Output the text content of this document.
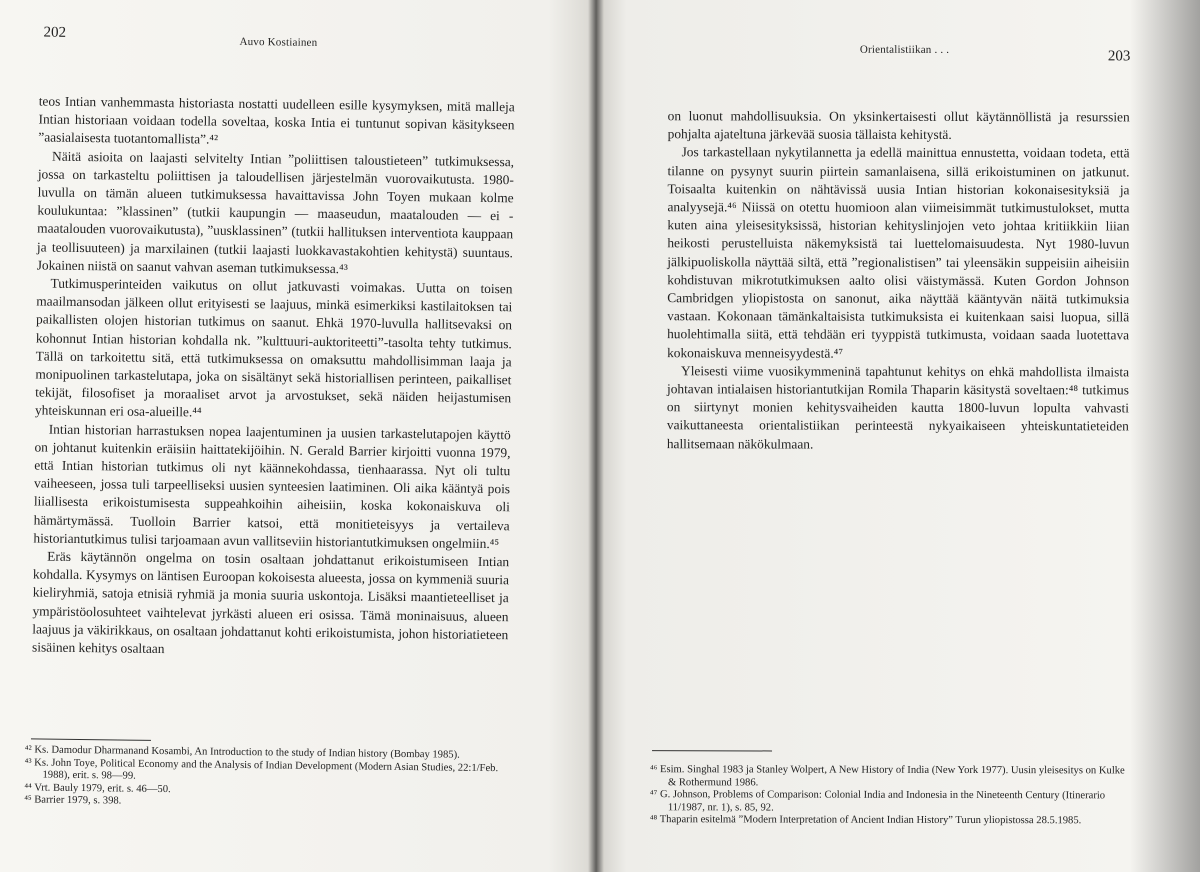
202
Auvo Kostiainen

teos Intian vanhemmasta historiasta nostatti uudelleen esille kysymyksen, mitä malleja Intian historiaan voidaan todella soveltaa, koska Intia ei tuntunut sopivan käsitykseen ”aasialaisesta tuotantomallista”.⁴²

Näitä asioita on laajasti selvitelty Intian ”poliittisen taloustieteen” tutkimuksessa, jossa on tarkasteltu poliittisen ja taloudellisen järjestelmän vuorovaikutusta. 1980-luvulla on tämän alueen tutkimuksessa havaittavissa John Toyen mukaan kolme koulukuntaa: ”klassinen” (tutkii kaupungin — maaseudun, maatalouden — ei -maatalouden vuorovaikutusta), ”uusklassinen” (tutkii hallituksen interventiota kauppaan ja teollisuuteen) ja marxilainen (tutkii laajasti luokkavastakohtien kehitystä) suuntaus. Jokainen niistä on saanut vahvan aseman tutkimuksessa.⁴³

Tutkimusperinteiden vaikutus on ollut jatkuvasti voimakas. Uutta on toisen maailmansodan jälkeen ollut erityisesti se laajuus, minkä esimerkiksi kastilaitoksen tai paikallisten olojen historian tutkimus on saanut. Ehkä 1970-luvulla hallitsevaksi on kohonnut Intian historian kohdalla nk. ”kulttuuri-auktoriteetti”-tasolta tehty tutkimus. Tällä on tarkoitettu sitä, että tutkimuksessa on omaksuttu mahdollisimman laaja ja monipuolinen tarkastelutapa, joka on sisältänyt sekä historiallisen perinteen, paikalliset tekijät, filosofiset ja moraaliset arvot ja arvostukset, sekä näiden heijastumisen yhteiskunnan eri osa-alueille.⁴⁴

Intian historian harrastuksen nopea laajentuminen ja uusien tarkastelutapojen käyttö on johtanut kuitenkin eräisiin haittatekijöihin. N. Gerald Barrier kirjoitti vuonna 1979, että Intian historian tutkimus oli nyt käännekohdassa, tienhaarassa. Nyt oli tultu vaiheeseen, jossa tuli tarpeelliseksi uusien synteesien laatiminen. Oli aika kääntyä pois liiallisesta erikoistumisesta suppeahkoihin aiheisiin, koska kokonaiskuva oli hämärtymässä. Tuolloin Barrier katsoi, että monitieteisyys ja vertaileva historiantutkimus tulisi tarjoamaan avun vallitseviin historiantutkimuksen ongelmiin.⁴⁵

Eräs käytännön ongelma on tosin osaltaan johdattanut erikoistumiseen Intian kohdalla. Kysymys on läntisen Euroopan kokoisesta alueesta, jossa on kymmeniä suuria kieliryhmiä, satoja etnisiä ryhmiä ja monia suuria uskontoja. Lisäksi maantieteelliset ja ympäristöolosuhteet vaihtelevat jyrkästi alueen eri osissa. Tämä moninaisuus, alueen laajuus ja väkirikkaus, on osaltaan johdattanut kohti erikoistumista, johon historiatieteen sisäinen kehitys osaltaan

⁴² Ks. Damodur Dharmanand Kosambi, An Introduction to the study of Indian history (Bombay 1985).

⁴³ Ks. John Toye, Political Economy and the Analysis of Indian Development (Modern Asian Studies, 22:1/Feb. 1988), erit. s. 98—99.

⁴⁴ Vrt. Bauly 1979, erit. s. 46—50.

⁴⁵ Barrier 1979, s. 398.

Orientalistiikan . . .	203

on luonut mahdollisuuksia. On yksinkertaisesti ollut käytännöllistä ja resurssien pohjalta ajateltuna järkevää suosia tällaista kehitystä.

Jos tarkastellaan nykytilannetta ja edellä mainittua ennustetta, voidaan todeta, että tilanne on pysynyt suurin piirtein samanlaisena, sillä erikoistuminen on jatkunut. Toisaalta kuitenkin on nähtävissä uusia Intian historian kokonaisesityksiä ja analyysejä.⁴⁶ Niissä on otettu huomioon alan viimeisimmät tutkimustulokset, mutta kuten aina yleisesityksissä, historian kehityslinjojen veto johtaa kritiikkiin liian heikosti perustelluista näkemyksistä tai luettelomaisuudesta. Nyt 1980-luvun jälkipuoliskolla näyttää siltä, että ”regionalistisen” tai yleensäkin suppeisiin aiheisiin kohdistuvan mikrotutkimuksen aalto olisi väistymässä. Kuten Gordon Johnson Cambridgen yliopistosta on sanonut, aika näyttää kääntyvän näitä tutkimuksia vastaan. Kokonaan tämänkaltaisista tutkimuksista ei kuitenkaan saisi luopua, sillä huolehtimalla siitä, että tehdään eri tyyppistä tutkimusta, voidaan saada luotettava kokonaiskuva menneisyydestä.⁴⁷

Yleisesti viime vuosikymmeninä tapahtunut kehitys on ehkä mahdollista ilmaista johtavan intialaisen historiantutkijan Romila Thaparin käsitystä soveltaen:⁴⁸ tutkimus on siirtynyt monien kehitysvaiheiden kautta 1800-luvun lopulta vahvasti vaikuttaneesta orientalistiikan perinteestä nykyaikaiseen yhteiskuntatieteiden hallitsemaan näkökulmaan.

⁴⁶ Esim. Singhal 1983 ja Stanley Wolpert, A New History of India (New York 1977). Uusin yleisesitys on Kulke & Rothermund 1986.

⁴⁷ G. Johnson, Problems of Comparison: Colonial India and Indonesia in the Nineteenth Century (Itinerario 11/1987, nr. 1), s. 85, 92.

⁴⁸ Thaparin esitelmä ”Modern Interpretation of Ancient Indian History” Turun yliopistossa 28.5.1985.
